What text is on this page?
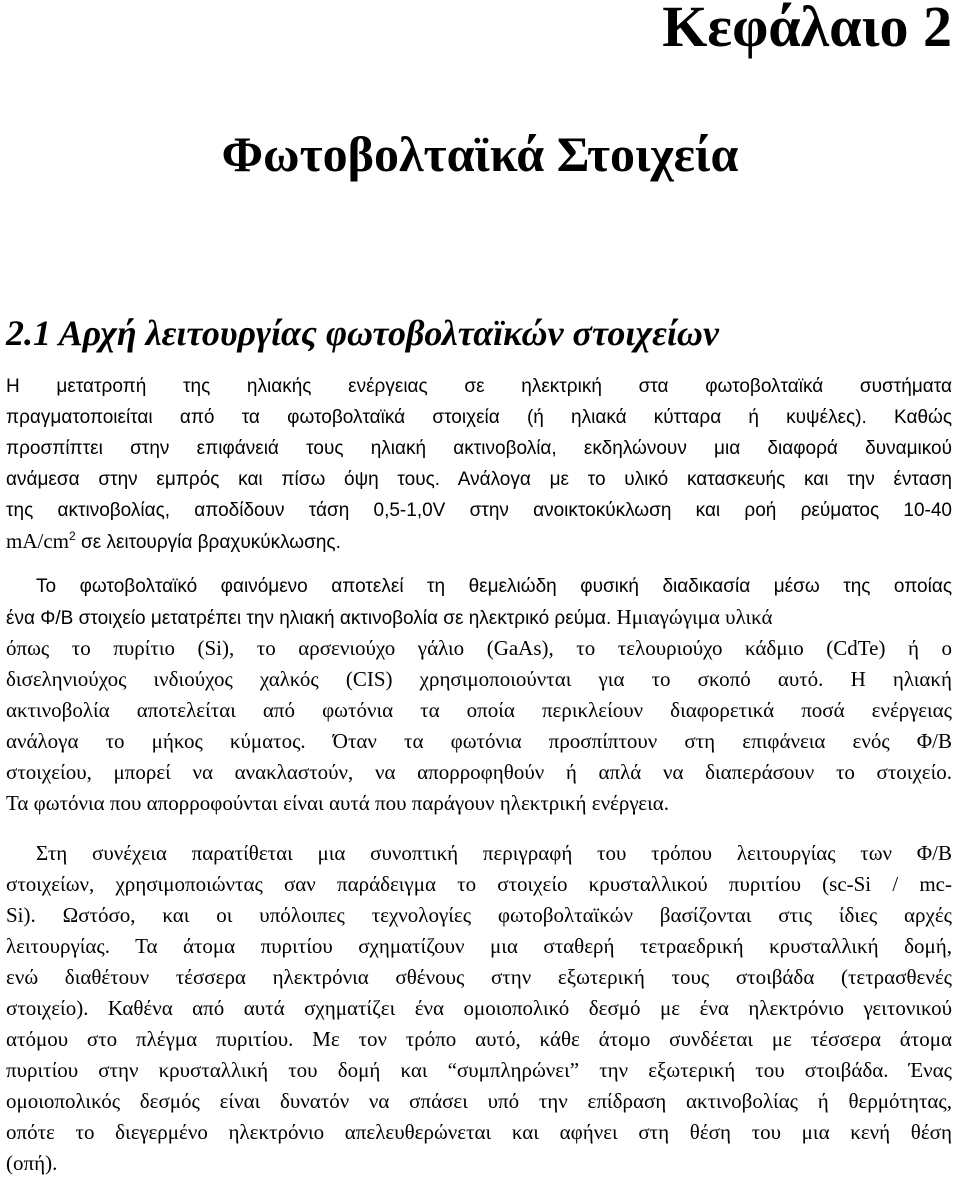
Κεφάλαιο 2
Φωτοβολταϊκά Στοιχεία
2.1 Αρχή λειτουργίας φωτοβολταϊκών στοιχείων
Η μετατροπή της ηλιακής ενέργειας σε ηλεκτρική στα φωτοβολταϊκά συστήματα
πραγματοποιείται από τα φωτοβολταϊκά στοιχεία (ή ηλιακά κύτταρα ή κυψέλες). Καθώς
προσπίπτει στην επιφάνειά τους ηλιακή ακτινοβολία, εκδηλώνουν μια διαφορά δυναμικού
ανάμεσα στην εμπρός και πίσω όψη τους. Ανάλογα με το υλικό κατασκευής και την ένταση
της ακτινοβολίας, αποδίδουν τάση 0,5-1,0V στην ανοικτοκύκλωση και ροή ρεύματος 10-40
$mA/cm^2$ σε λειτουργία βραχυκύκλωσης.
Το φωτοβολταϊκό φαινόμενο αποτελεί τη θεμελιώδη φυσική διαδικασία μέσω της οποίας
ένα Φ/Β στοιχείο μετατρέπει την ηλιακή ακτινοβολία σε ηλεκτρικό ρεύμα. Ημιαγώγιμα υλικά
όπως το πυρίτιο (Si), το αρσενιούχο γάλιο (GaAs), το τελουριούχο κάδμιο (CdTe) ή ο
δισεληνιούχος ινδιούχος χαλκός (CIS) χρησιμοποιούνται για το σκοπό αυτό. Η ηλιακή
ακτινοβολία αποτελείται από φωτόνια τα οποία περικλείουν διαφορετικά ποσά ενέργειας
ανάλογα το μήκος κύματος. Όταν τα φωτόνια προσπίπτουν στη επιφάνεια ενός Φ/Β
στοιχείου, μπορεί να ανακλαστούν, να απορροφηθούν ή απλά να διαπεράσουν το στοιχείο.
Τα φωτόνια που απορροφούνται είναι αυτά που παράγουν ηλεκτρική ενέργεια.
Στη συνέχεια παρατίθεται μια συνοπτική περιγραφή του τρόπου λειτουργίας των Φ/Β
στοιχείων, χρησιμοποιώντας σαν παράδειγμα το στοιχείο κρυσταλλικού πυριτίου (sc-Si / mc-
Si). Ωστόσο, και οι υπόλοιπες τεχνολογίες φωτοβολταϊκών βασίζονται στις ίδιες αρχές
λειτουργίας. Τα άτομα πυριτίου σχηματίζουν μια σταθερή τετραεδρική κρυσταλλική δομή,
ενώ διαθέτουν τέσσερα ηλεκτρόνια σθένους στην εξωτερική τους στοιβάδα (τετρασθενές
στοιχείο). Καθένα από αυτά σχηματίζει ένα ομοιοπολικό δεσμό με ένα ηλεκτρόνιο γειτονικού
ατόμου στο πλέγμα πυριτίου. Με τον τρόπο αυτό, κάθε άτομο συνδέεται με τέσσερα άτομα
πυριτίου στην κρυσταλλική του δομή και “συμπληρώνει” την εξωτερική του στοιβάδα. Ένας
ομοιοπολικός δεσμός είναι δυνατόν να σπάσει υπό την επίδραση ακτινοβολίας ή θερμότητας,
οπότε το διεγερμένο ηλεκτρόνιο απελευθερώνεται και αφήνει στη θέση του μια κενή θέση
(οπή).
